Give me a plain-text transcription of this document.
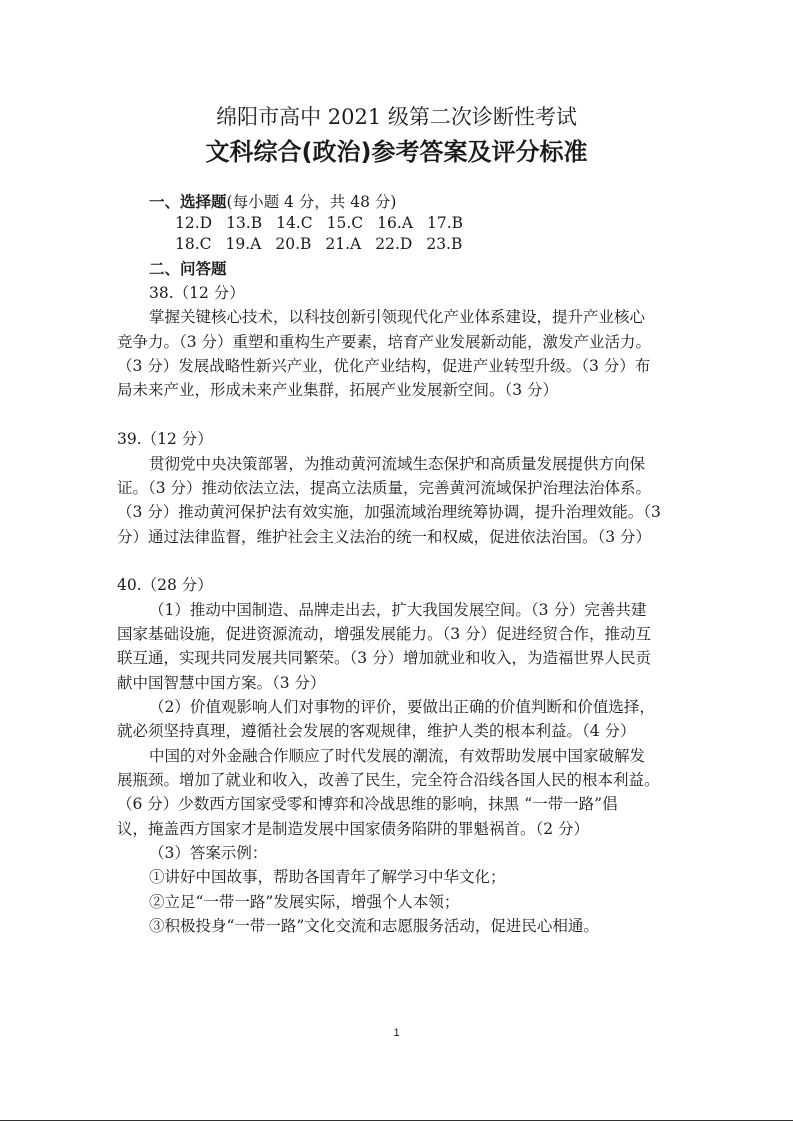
绵阳市高中 2021 级第二次诊断性考试
文科综合(政治)参考答案及评分标准
一、选择题(每小题 4 分，共 48 分)
12.D 13.B 14.C 15.C 16.A 17.B
18.C 19.A 20.B 21.A 22.D 23.B
二、问答题
38.（12 分）
掌握关键核心技术，以科技创新引领现代化产业体系建设，提升产业核心
竞争力。（3 分）重塑和重构生产要素，培育产业发展新动能，激发产业活力。
（3 分）发展战略性新兴产业，优化产业结构，促进产业转型升级。（3 分）布
局未来产业，形成未来产业集群，拓展产业发展新空间。（3 分）
39.（12 分）
贯彻党中央决策部署，为推动黄河流域生态保护和高质量发展提供方向保
证。（3 分）推动依法立法，提高立法质量，完善黄河流域保护治理法治体系。
（3 分）推动黄河保护法有效实施，加强流域治理统筹协调，提升治理效能。（3
分）通过法律监督，维护社会主义法治的统一和权威，促进依法治国。（3 分）
40.（28 分）
（1）推动中国制造、品牌走出去，扩大我国发展空间。（3 分）完善共建
国家基础设施，促进资源流动，增强发展能力。（3 分）促进经贸合作，推动互
联互通，实现共同发展共同繁荣。（3 分）增加就业和收入，为造福世界人民贡
献中国智慧中国方案。（3 分）
（2）价值观影响人们对事物的评价，要做出正确的价值判断和价值选择，
就必须坚持真理，遵循社会发展的客观规律，维护人类的根本利益。（4 分）
中国的对外金融合作顺应了时代发展的潮流，有效帮助发展中国家破解发
展瓶颈。增加了就业和收入，改善了民生，完全符合沿线各国人民的根本利益。
（6 分）少数西方国家受零和博弈和冷战思维的影响，抹黑 “一带一路”倡
议，掩盖西方国家才是制造发展中国家债务陷阱的罪魁祸首。（2 分）
（3）答案示例：
①讲好中国故事，帮助各国青年了解学习中华文化；
②立足“一带一路”发展实际，增强个人本领；
③积极投身“一带一路”文化交流和志愿服务活动，促进民心相通。
1
